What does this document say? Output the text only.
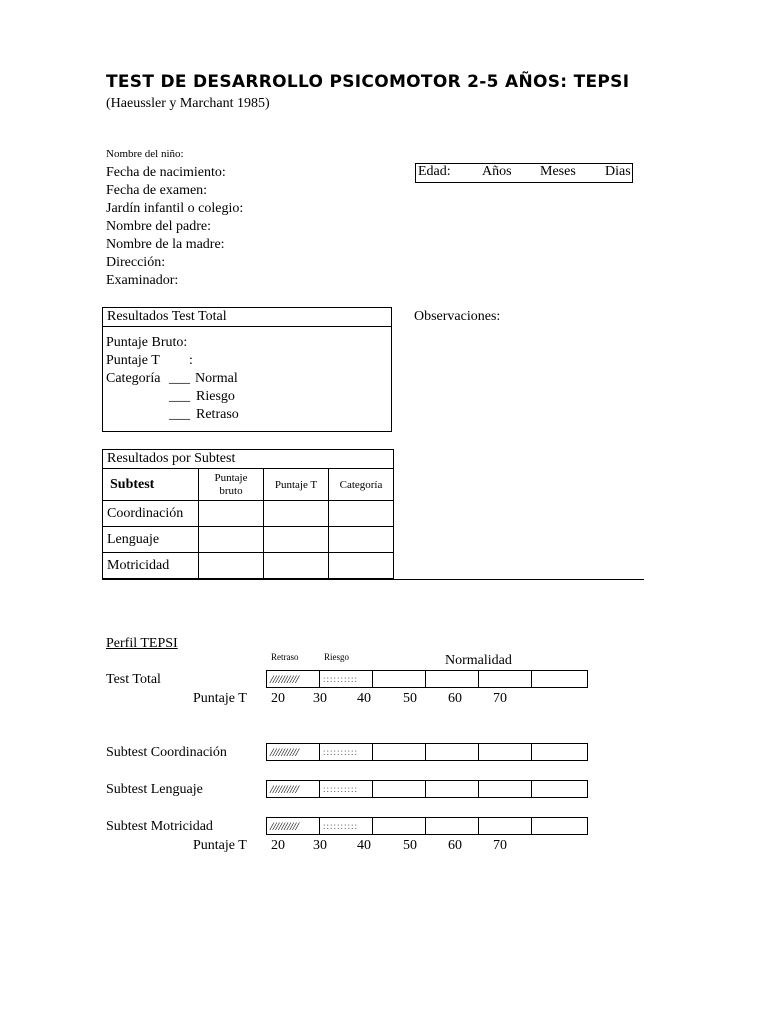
TEST DE DESARROLLO PSICOMOTOR 2-5 AÑOS: TEPSI
(Haeussler y Marchant 1985)
Nombre del niño:
Fecha de nacimiento:
Fecha de examen:
Jardín infantil o colegio:
Nombre del padre:
Nombre de la madre:
Dirección:
Examinador:
Edad: Años Meses Dias
Resultados Test Total
Puntaje Bruto:
Puntaje T :
Categoría ___ Normal
___ Riesgo
___ Retraso
Observaciones:
Resultados por Subtest			
Subtest	Puntaje bruto	Puntaje T	Categoría
Coordinación			
Lenguaje			
Motricidad			
Perfil TEPSI
Retraso	Riesgo	Normalidad
Test Total	//////////	::::::::::
Puntaje T 20 30 40 50 60 70
Subtest Coordinación	//////////	::::::::::
Subtest Lenguaje	//////////	::::::::::
Subtest Motricidad	//////////	::::::::::
Puntaje T 20 30 40 50 60 70
